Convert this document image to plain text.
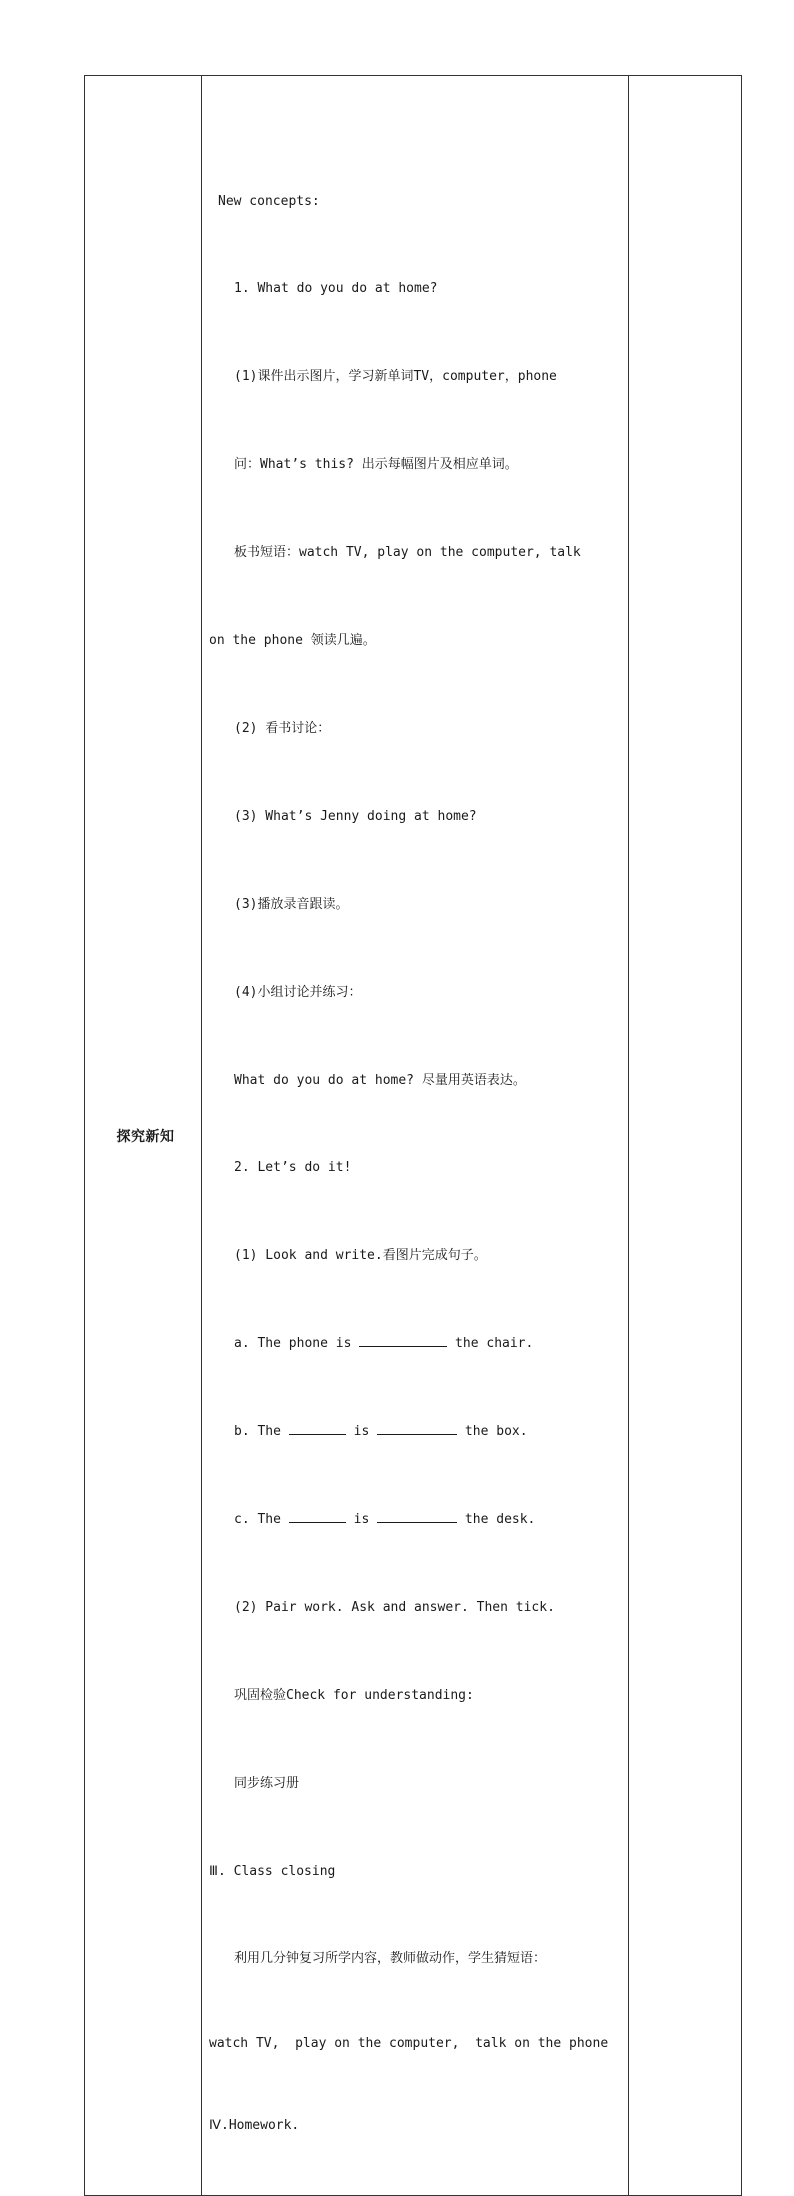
探究新知	

New concepts:

1. What do you do at home?

(1)课件出示图片，学习新单词TV，computer，phone

问：What’s this? 出示每幅图片及相应单词。

板书短语：watch TV, play on the computer, talk

on the phone 领读几遍。

(2) 看书讨论：

(3) What’s Jenny doing at home?

(3)播放录音跟读。

(4)小组讨论并练习：

What do you do at home? 尽量用英语表达。

2. Let’s do it!

(1) Look and write.看图片完成句子。

a. The phone is	the chair.

b. The	is	the box.

c. The	is	the desk.

(2) Pair work. Ask and answer. Then tick.

巩固检验Check for understanding:

同步练习册

Ⅲ. Class closing

利用几分钟复习所学内容，教师做动作，学生猜短语：

watch TV,  play on the computer,  talk on the phone

Ⅳ.Homework.
